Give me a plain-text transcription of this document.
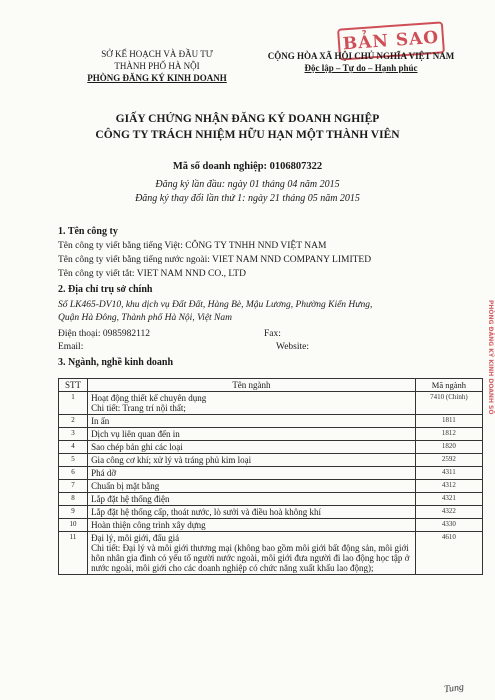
SỞ KẾ HOẠCH VÀ ĐẦU TƯ
THÀNH PHỐ HÀ NỘI
PHÒNG ĐĂNG KÝ KINH DOANH
BẢN SAO
CỘNG HÒA XÃ HỘI CHỦ NGHĨA VIỆT NAM
Độc lập – Tự do – Hạnh phúc
GIẤY CHỨNG NHẬN ĐĂNG KÝ DOANH NGHIỆP
CÔNG TY TRÁCH NHIỆM HỮU HẠN MỘT THÀNH VIÊN
Mã số doanh nghiệp: 0106807322
Đăng ký lần đầu: ngày 01 tháng 04 năm 2015
Đăng ký thay đổi lần thứ 1: ngày 21 tháng 05 năm 2015
1. Tên công ty
Tên công ty viết bằng tiếng Việt: CÔNG TY TNHH NND VIỆT NAM
Tên công ty viết bằng tiếng nước ngoài: VIET NAM NND COMPANY LIMITED
Tên công ty viết tắt: VIET NAM NND CO., LTD
2. Địa chỉ trụ sở chính
Số LK465-DV10, khu dịch vụ Đất Đất, Hàng Bè, Mậu Lương, Phường Kiến Hưng,
Quận Hà Đông, Thành phố Hà Nội, Việt Nam
Điện thoại: 0985982112	Fax:
Email:	Website:
3. Ngành, nghề kinh doanh
STT	Tên ngành	Mã ngành
1	Hoạt động thiết kế chuyên dụng
Chi tiết: Trang trí nội thất;	7410 (Chính)
2	In ấn	1811
3	Dịch vụ liên quan đến in	1812
4	Sao chép bản ghi các loại	1820
5	Gia công cơ khí; xử lý và tráng phủ kim loại	2592
6	Phá dỡ	4311
7	Chuẩn bị mặt bằng	4312
8	Lắp đặt hệ thống điện	4321
9	Lắp đặt hệ thống cấp, thoát nước, lò sưởi và điều hoà không khí	4322
10	Hoàn thiện công trình xây dựng	4330
11	Đại lý, môi giới, đấu giá
Chi tiết: Đại lý và môi giới thương mại (không bao gồm môi giới bất động sản, môi giới hôn nhân gia đình có yếu tố người nước ngoài, môi giới đưa người đi lao động học tập ở nước ngoài, môi giới cho các doanh nghiệp có chức năng xuất khẩu lao động);	4610
PHÒNG ĐĂNG KÝ KINH DOANH SỐ
Tung
